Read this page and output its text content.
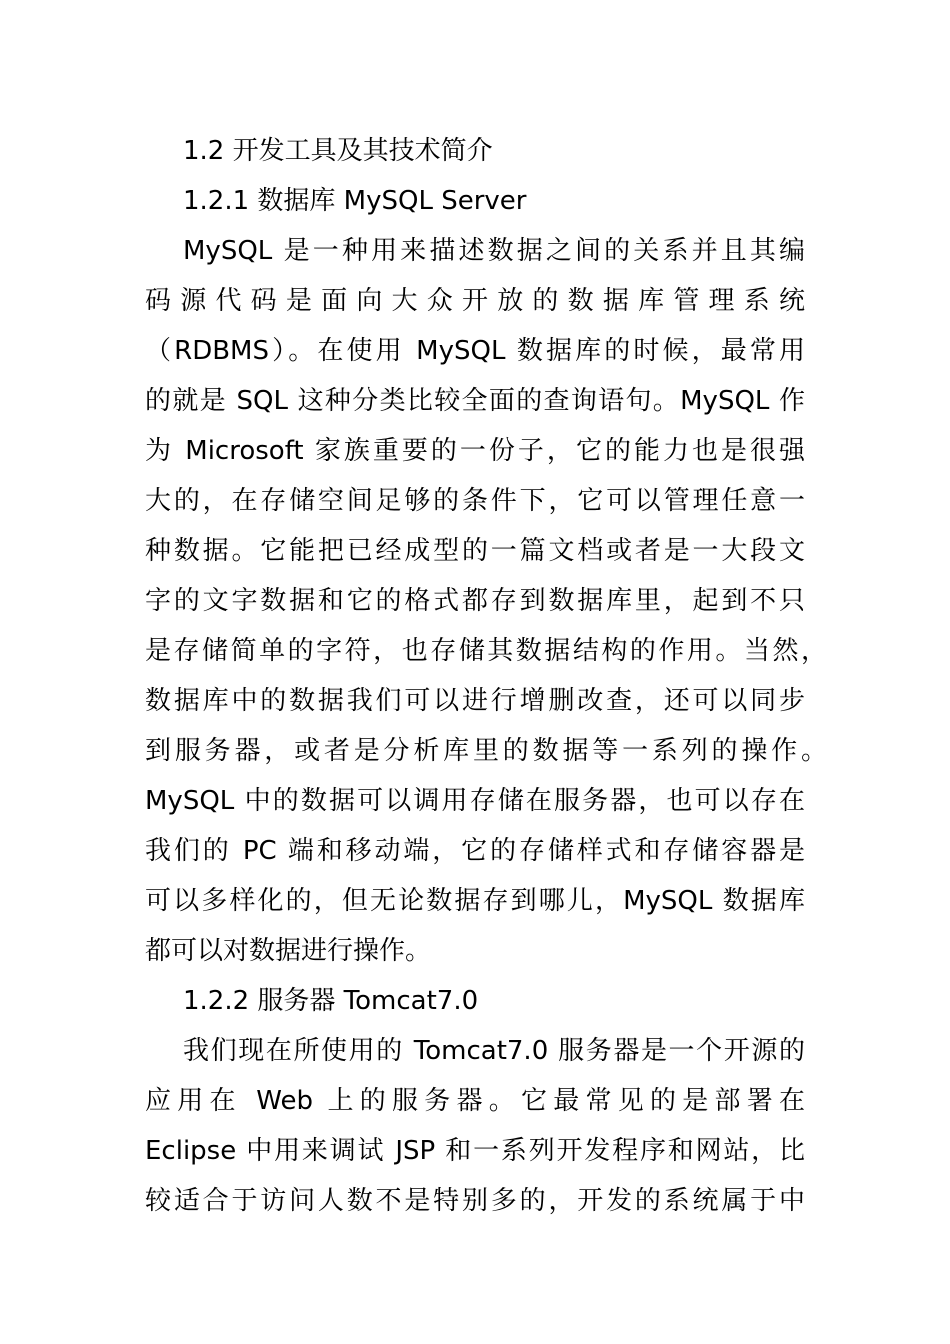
1.2 开发工具及其技术简介
1.2.1 数据库 MySQL Server
MySQL 是一种用来描述数据之间的关系并且其编
码源代码是面向大众开放的数据库管理系统
（RDBMS）。在使用 MySQL 数据库的时候，最常用
的就是 SQL 这种分类比较全面的查询语句。MySQL 作
为 Microsoft 家族重要的一份子，它的能力也是很强
大的，在存储空间足够的条件下，它可以管理任意一
种数据。它能把已经成型的一篇文档或者是一大段文
字的文字数据和它的格式都存到数据库里，起到不只
是存储简单的字符，也存储其数据结构的作用。当然，
数据库中的数据我们可以进行增删改查，还可以同步
到服务器，或者是分析库里的数据等一系列的操作。
MySQL 中的数据可以调用存储在服务器，也可以存在
我们的 PC 端和移动端，它的存储样式和存储容器是
可以多样化的，但无论数据存到哪儿，MySQL 数据库
都可以对数据进行操作。
1.2.2 服务器 Tomcat7.0
我们现在所使用的 Tomcat7.0 服务器是一个开源的
应用在 Web 上的服务器。它最常见的是部署在
Eclipse 中用来调试 JSP 和一系列开发程序和网站，比
较适合于访问人数不是特别多的，开发的系统属于中
